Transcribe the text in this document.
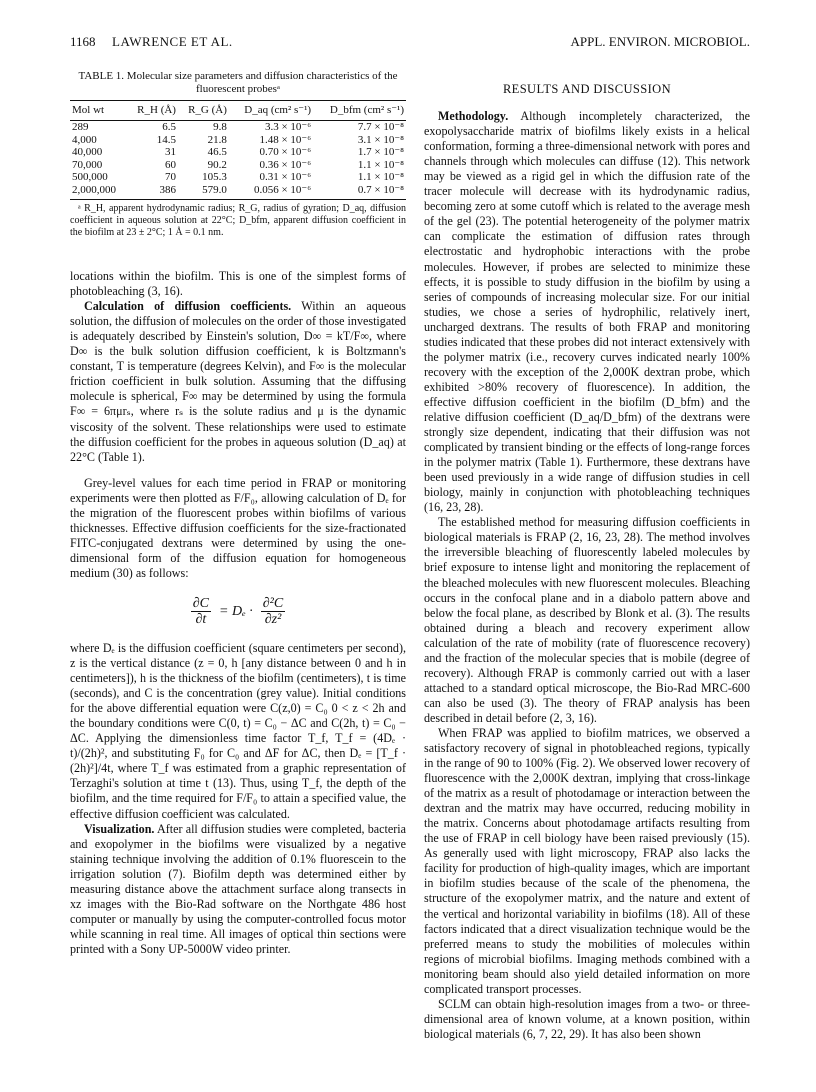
1168 LAWRENCE ET AL.	APPL. ENVIRON. MICROBIOL.
TABLE 1. Molecular size parameters and diffusion characteristics of the fluorescent probesᵃ
Mol wt	R_H (Å)	R_G (Å)	D_aq (cm² s⁻¹)	D_bfm (cm² s⁻¹)
289	6.5	9.8	3.3 × 10⁻⁶	7.7 × 10⁻⁸
4,000	14.5	21.8	1.48 × 10⁻⁶	3.1 × 10⁻⁸
40,000	31	46.5	0.70 × 10⁻⁶	1.7 × 10⁻⁸
70,000	60	90.2	0.36 × 10⁻⁶	1.1 × 10⁻⁸
500,000	70	105.3	0.31 × 10⁻⁶	1.1 × 10⁻⁸
2,000,000	386	579.0	0.056 × 10⁻⁶	0.7 × 10⁻⁸
ᵃ R_H, apparent hydrodynamic radius; R_G, radius of gyration; D_aq, diffusion coefficient in aqueous solution at 22°C; D_bfm, apparent diffusion coefficient in the biofilm at 23 ± 2°C; 1 Å = 0.1 nm.

locations within the biofilm. This is one of the simplest forms of photobleaching (3, 16).

Calculation of diffusion coefficients. Within an aqueous solution, the diffusion of molecules on the order of those investigated is adequately described by Einstein's solution, D∞ = kT/F∞, where D∞ is the bulk solution diffusion coefficient, k is Boltzmann's constant, T is temperature (degrees Kelvin), and F∞ is the molecular friction coefficient in bulk solution. Assuming that the diffusing molecule is spherical, F∞ may be determined by using the formula F∞ = 6πμrₛ, where rₛ is the solute radius and μ is the dynamic viscosity of the solvent. These relationships were used to estimate the diffusion coefficient for the probes in aqueous solution (D_aq) at 22°C (Table 1).

Grey-level values for each time period in FRAP or monitoring experiments were then plotted as F/F₀, allowing calculation of Dₑ for the migration of the fluorescent probes within biofilms of various thicknesses. Effective diffusion coefficients for the size-fractionated FITC-conjugated dextrans were determined by using the one-dimensional form of the diffusion equation for homogeneous medium (30) as follows:

$\frac{\partial C}{\partial t} = D_e \cdot \frac{\text{∂²C}}{\text{∂z²}}$

where Dₑ is the diffusion coefficient (square centimeters per second), z is the vertical distance (z = 0, h [any distance between 0 and h in centimeters]), h is the thickness of the biofilm (centimeters), t is time (seconds), and C is the concentration (grey value). Initial conditions for the above differential equation were C(z,0) = C₀ 0 < z < 2h and the boundary conditions were C(0, t) = C₀ − ΔC and C(2h, t) = C₀ − ΔC. Applying the dimensionless time factor T_f, T_f = (4Dₑ · t)/(2h)², and substituting F₀ for C₀ and ΔF for ΔC, then Dₑ = [T_f · (2h)²]/4t, where T_f was estimated from a graphic representation of Terzaghi's solution at time t (13). Thus, using T_f, the depth of the biofilm, and the time required for F/F₀ to attain a specified value, the effective diffusion coefficient was calculated.

Visualization. After all diffusion studies were completed, bacteria and exopolymer in the biofilms were visualized by a negative staining technique involving the addition of 0.1% fluorescein to the irrigation solution (7). Biofilm depth was determined either by measuring distance above the attachment surface along transects in xz images with the Bio-Rad software on the Northgate 486 host computer or manually by using the computer-controlled focus motor while scanning in real time. All images of optical thin sections were printed with a Sony UP-5000W video printer.

RESULTS AND DISCUSSION

Methodology. Although incompletely characterized, the exopolysaccharide matrix of biofilms likely exists in a helical conformation, forming a three-dimensional network with pores and channels through which molecules can diffuse (12). This network may be viewed as a rigid gel in which the diffusion rate of the tracer molecule will decrease with its hydrodynamic radius, becoming zero at some cutoff which is related to the average mesh of the gel (23). The potential heterogeneity of the polymer matrix can complicate the estimation of diffusion rates through electrostatic and hydrophobic interactions with the probe molecules. However, if probes are selected to minimize these effects, it is possible to study diffusion in the biofilm by using a series of compounds of increasing molecular size. For our initial studies, we chose a series of hydrophilic, relatively inert, uncharged dextrans. The results of both FRAP and monitoring studies indicated that these probes did not interact extensively with the polymer matrix (i.e., recovery curves indicated nearly 100% recovery with the exception of the 2,000K dextran probe, which exhibited >80% recovery of fluorescence). In addition, the effective diffusion coefficient in the biofilm (D_bfm) and the relative diffusion coefficient (D_aq/D_bfm) of the dextrans were strongly size dependent, indicating that their diffusion was not complicated by transient binding or the effects of long-range forces in the polymer matrix (Table 1). Furthermore, these dextrans have been used previously in a wide range of diffusion studies in cell biology, mainly in conjunction with photobleaching techniques (16, 23, 28).

The established method for measuring diffusion coefficients in biological materials is FRAP (2, 16, 23, 28). The method involves the irreversible bleaching of fluorescently labeled molecules by brief exposure to intense light and monitoring the replacement of the bleached molecules with new fluorescent molecules. Bleaching occurs in the confocal plane and in a diabolo pattern above and below the focal plane, as described by Blonk et al. (3). The results obtained during a bleach and recovery experiment allow calculation of the rate of mobility (rate of fluorescence recovery) and the fraction of the molecular species that is mobile (degree of recovery). Although FRAP is commonly carried out with a laser attached to a standard optical microscope, the Bio-Rad MRC-600 can also be used (3). The theory of FRAP analysis has been described in detail before (2, 3, 16).

When FRAP was applied to biofilm matrices, we observed a satisfactory recovery of signal in photobleached regions, typically in the range of 90 to 100% (Fig. 2). We observed lower recovery of fluorescence with the 2,000K dextran, implying that cross-linkage of the matrix as a result of photodamage or interaction between the dextran and the matrix may have occurred, reducing mobility in the matrix. Concerns about photodamage artifacts resulting from the use of FRAP in cell biology have been raised previously (15). As generally used with light microscopy, FRAP also lacks the facility for production of high-quality images, which are important in biofilm studies because of the scale of the phenomena, the structure of the exopolymer matrix, and the nature and extent of the vertical and horizontal variability in biofilms (18). All of these factors indicated that a direct visualization technique would be the preferred means to study the mobilities of molecules within regions of microbial biofilms. Imaging methods combined with a monitoring beam should also yield detailed information on more complicated transport processes.

SCLM can obtain high-resolution images from a two- or three-dimensional area of known volume, at a known position, within biological materials (6, 7, 22, 29). It has also been shown
